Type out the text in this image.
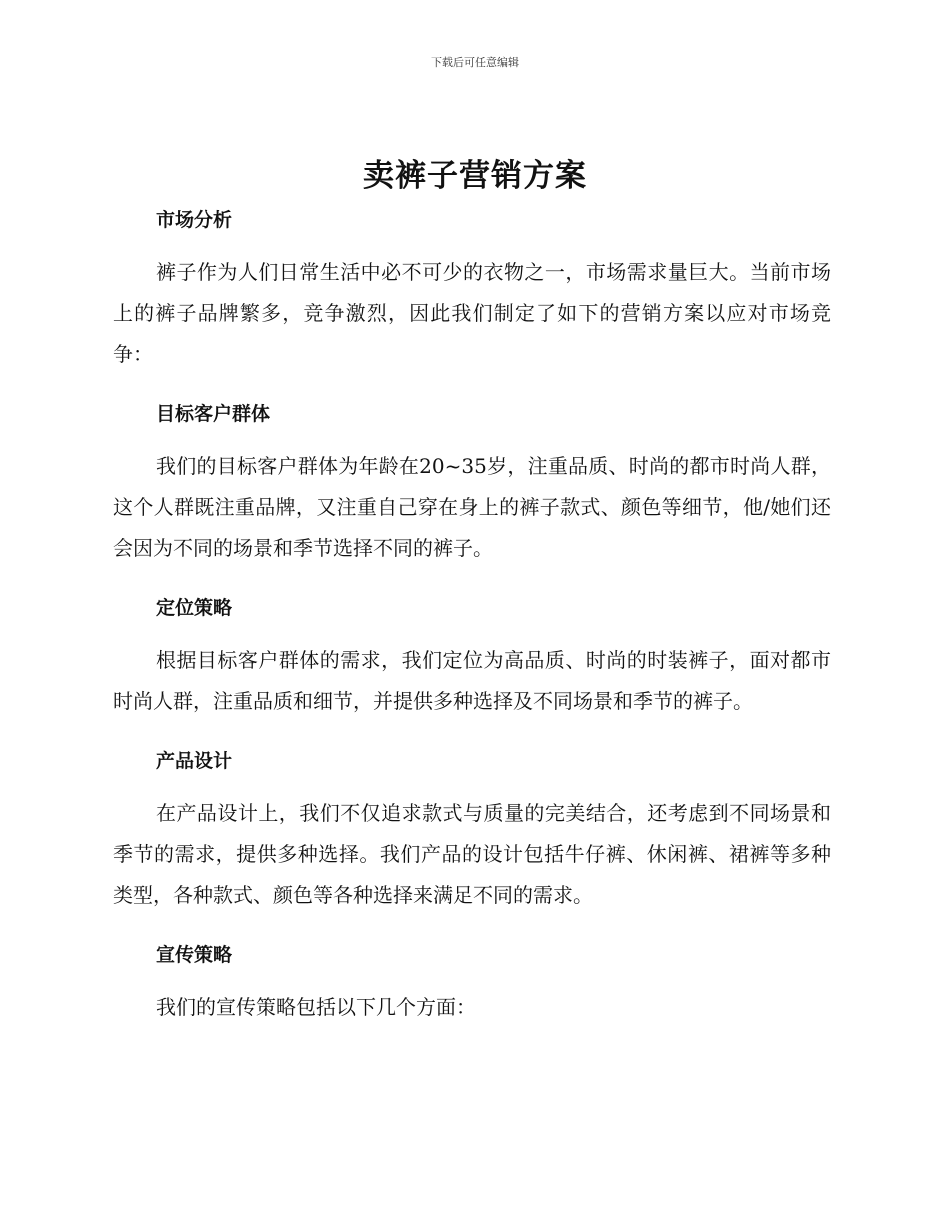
下载后可任意编辑
卖裤子营销方案
市场分析

裤子作为人们日常生活中必不可少的衣物之一，市场需求量巨大。当前市场上的裤子品牌繁多，竞争激烈，因此我们制定了如下的营销方案以应对市场竞争：

目标客户群体

我们的目标客户群体为年龄在20~35岁，注重品质、时尚的都市时尚人群，这个人群既注重品牌，又注重自己穿在身上的裤子款式、颜色等细节，他/她们还会因为不同的场景和季节选择不同的裤子。

定位策略

根据目标客户群体的需求，我们定位为高品质、时尚的时装裤子，面对都市时尚人群，注重品质和细节，并提供多种选择及不同场景和季节的裤子。

产品设计

在产品设计上，我们不仅追求款式与质量的完美结合，还考虑到不同场景和季节的需求，提供多种选择。我们产品的设计包括牛仔裤、休闲裤、裙裤等多种类型，各种款式、颜色等各种选择来满足不同的需求。

宣传策略

我们的宣传策略包括以下几个方面：
